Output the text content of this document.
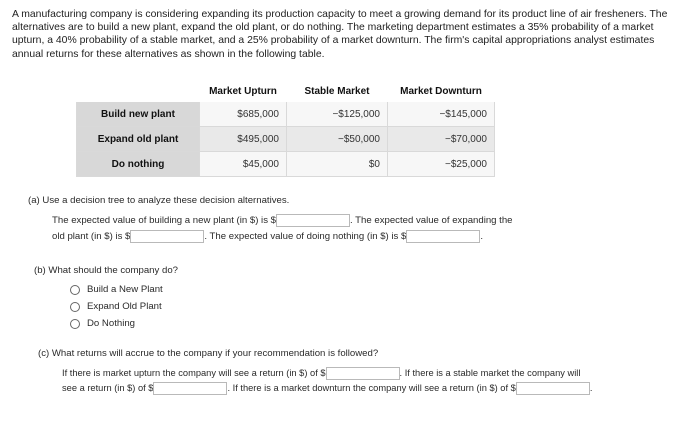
A manufacturing company is considering expanding its production capacity to meet a growing demand for its product line of air fresheners. The alternatives are to build a new plant, expand the old plant, or do nothing. The marketing department estimates a 35% probability of a market upturn, a 40% probability of a stable market, and a 25% probability of a market downturn. The firm's capital appropriations analyst estimates annual returns for these alternatives as shown in the following table.
	Market Upturn	Stable Market	Market Downturn
Build new plant	$685,000	−$125,000	−$145,000
Expand old plant	$495,000	−$50,000	−$70,000
Do nothing	$45,000	$0	−$25,000
(a) Use a decision tree to analyze these decision alternatives.
The expected value of building a new plant (in $) is $	. The expected value of expanding the
old plant (in $) is $	. The expected value of doing nothing (in $) is $	.
(b) What should the company do?
Build a New Plant
Expand Old Plant
Do Nothing
(c) What returns will accrue to the company if your recommendation is followed?
If there is market upturn the company will see a return (in $) of $	. If there is a stable market the company will
see a return (in $) of $	. If there is a market downturn the company will see a return (in $) of $	.
